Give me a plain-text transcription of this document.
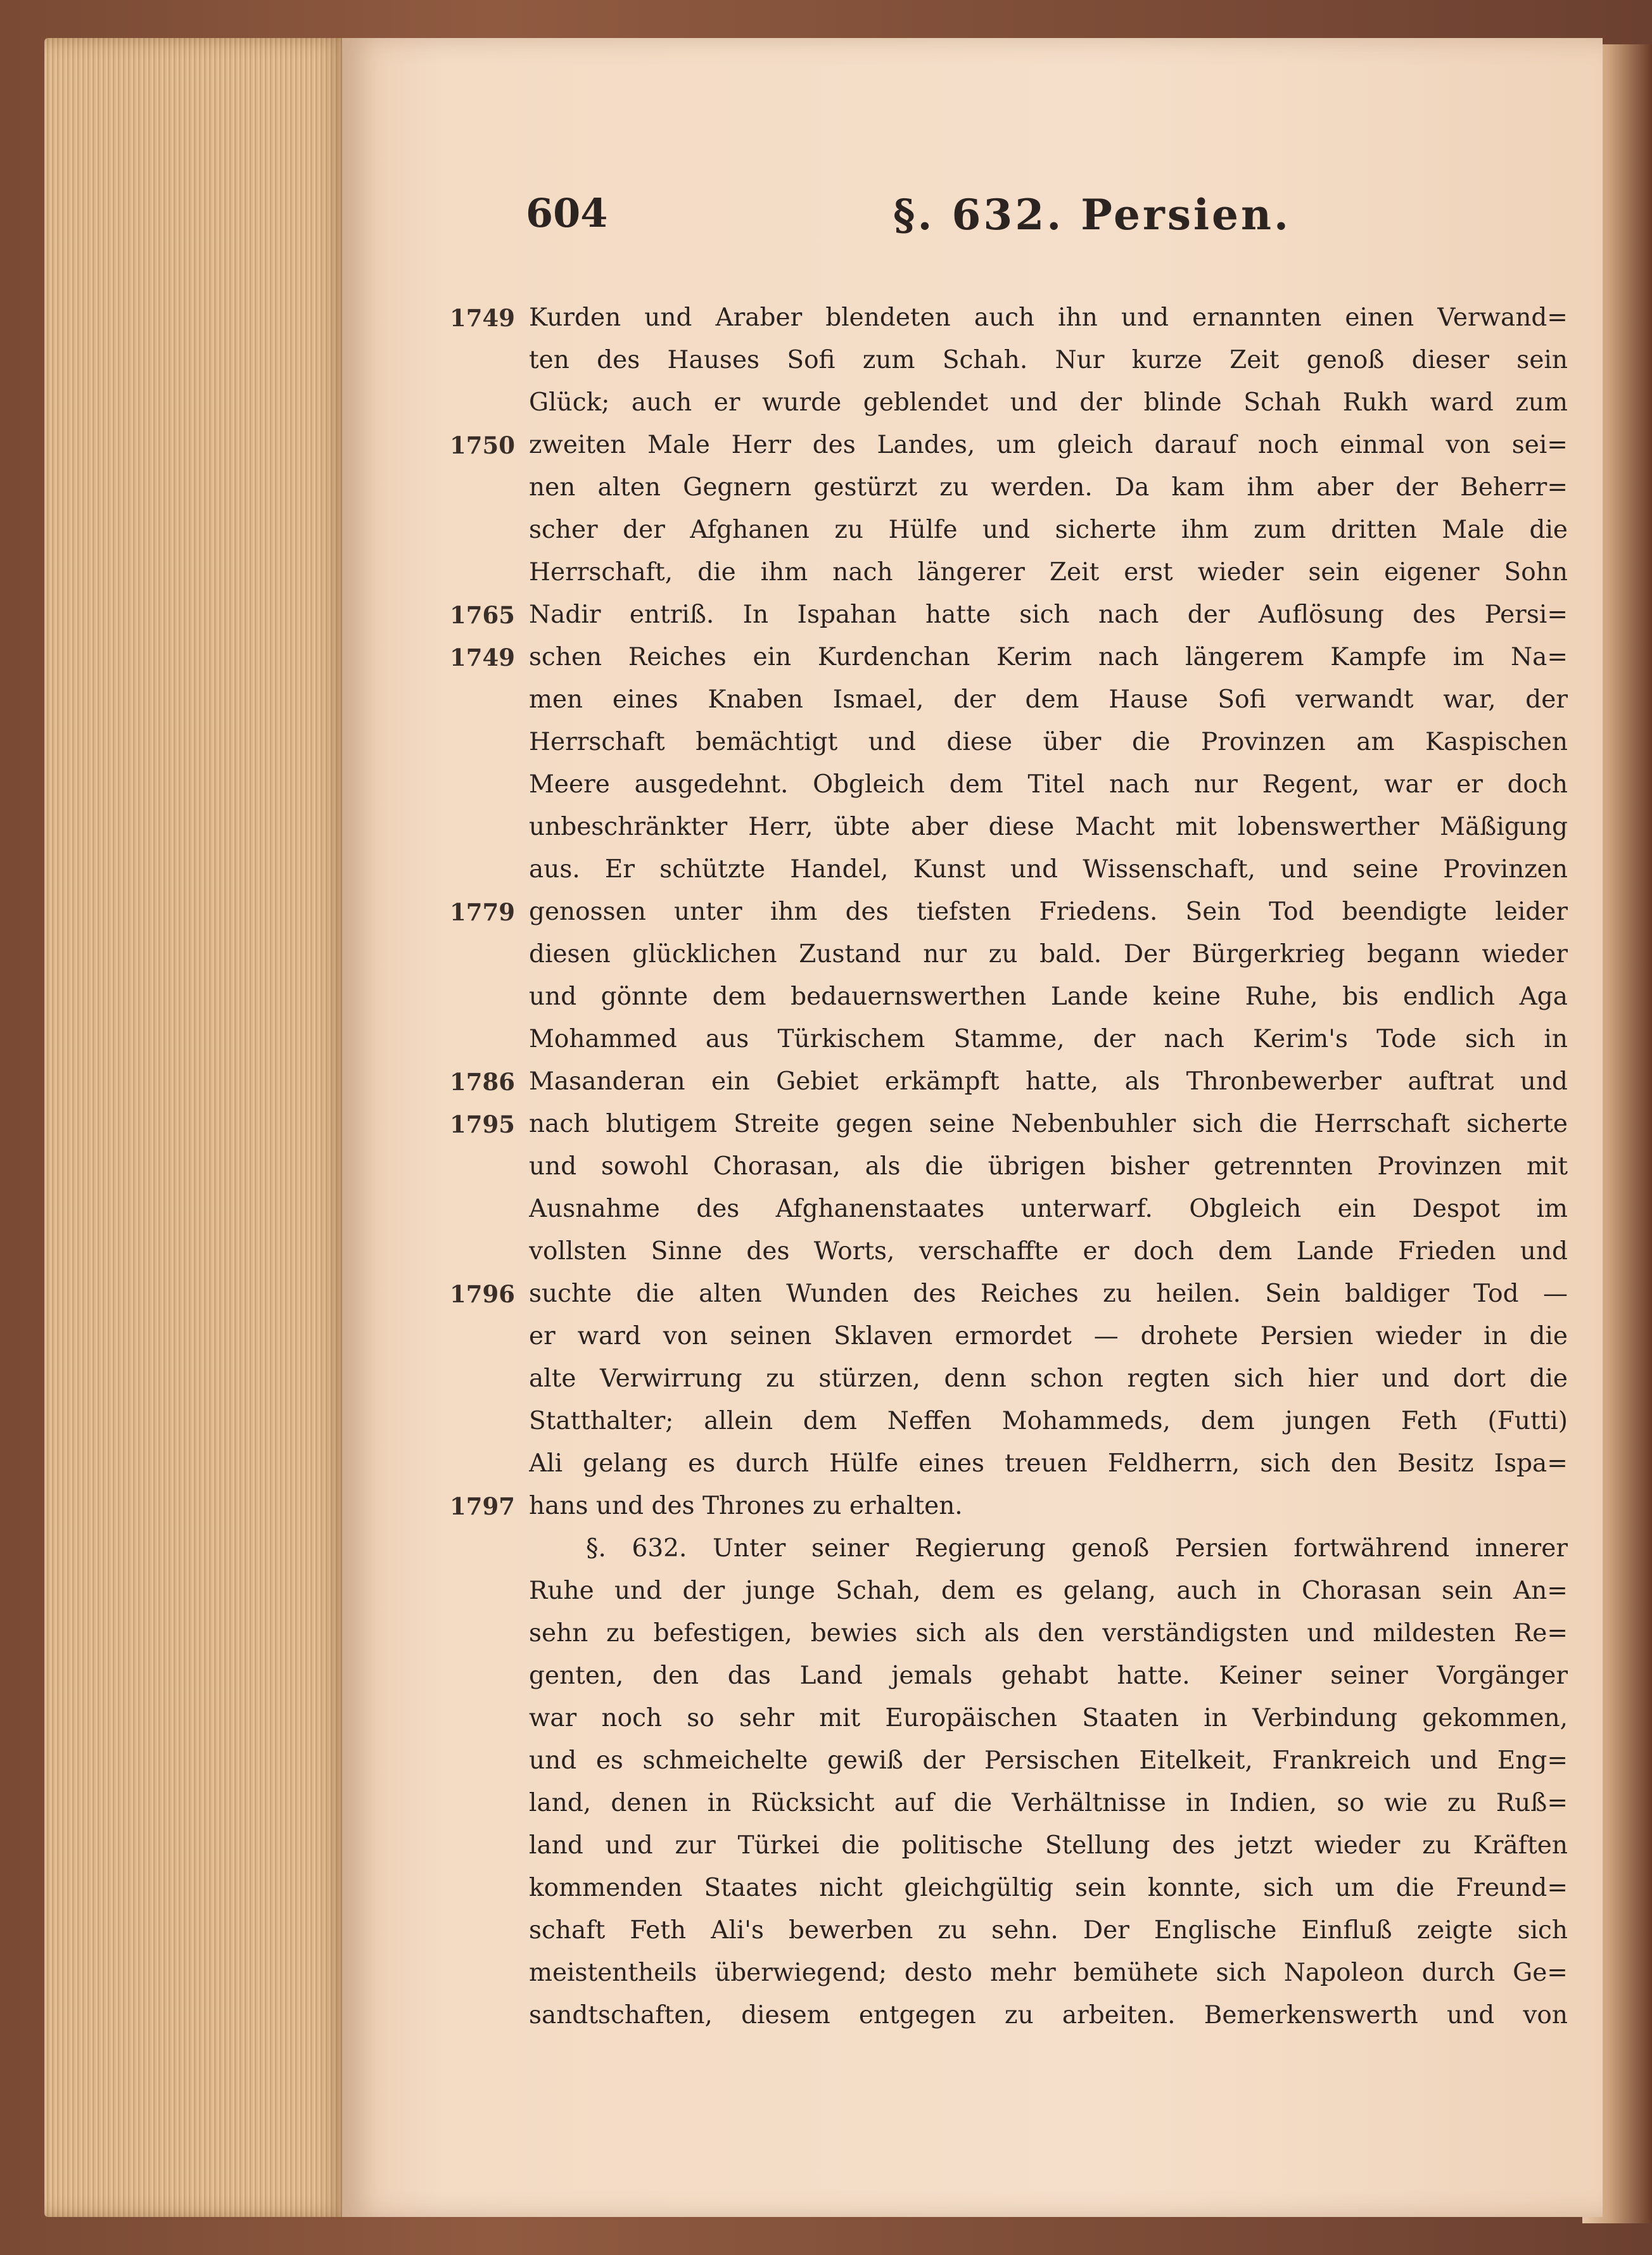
604	§. 632. Persien.
1749 Kurden und Araber blendeten auch ihn und ernannten einen Verwand=
ten des Hauses Sofi zum Schah. Nur kurze Zeit genoß dieser sein
Glück; auch er wurde geblendet und der blinde Schah Rukh ward zum
1750 zweiten Male Herr des Landes, um gleich darauf noch einmal von sei=
nen alten Gegnern gestürzt zu werden. Da kam ihm aber der Beherr=
scher der Afghanen zu Hülfe und sicherte ihm zum dritten Male die
Herrschaft, die ihm nach längerer Zeit erst wieder sein eigener Sohn
1765 Nadir entriß. In Ispahan hatte sich nach der Auflösung des Persi=
1749 schen Reiches ein Kurdenchan Kerim nach längerem Kampfe im Na=
men eines Knaben Ismael, der dem Hause Sofi verwandt war, der
Herrschaft bemächtigt und diese über die Provinzen am Kaspischen
Meere ausgedehnt. Obgleich dem Titel nach nur Regent, war er doch
unbeschränkter Herr, übte aber diese Macht mit lobenswerther Mäßigung
aus. Er schützte Handel, Kunst und Wissenschaft, und seine Provinzen
1779 genossen unter ihm des tiefsten Friedens. Sein Tod beendigte leider
diesen glücklichen Zustand nur zu bald. Der Bürgerkrieg begann wieder
und gönnte dem bedauernswerthen Lande keine Ruhe, bis endlich Aga
Mohammed aus Türkischem Stamme, der nach Kerim's Tode sich in
1786 Masanderan ein Gebiet erkämpft hatte, als Thronbewerber auftrat und
1795 nach blutigem Streite gegen seine Nebenbuhler sich die Herrschaft sicherte
und sowohl Chorasan, als die übrigen bisher getrennten Provinzen mit
Ausnahme des Afghanenstaates unterwarf. Obgleich ein Despot im
vollsten Sinne des Worts, verschaffte er doch dem Lande Frieden und
1796 suchte die alten Wunden des Reiches zu heilen. Sein baldiger Tod —
er ward von seinen Sklaven ermordet — drohete Persien wieder in die
alte Verwirrung zu stürzen, denn schon regten sich hier und dort die
Statthalter; allein dem Neffen Mohammeds, dem jungen Feth (Futti)
Ali gelang es durch Hülfe eines treuen Feldherrn, sich den Besitz Ispa=
1797 hans und des Thrones zu erhalten.
§. 632. Unter seiner Regierung genoß Persien fortwährend innerer
Ruhe und der junge Schah, dem es gelang, auch in Chorasan sein An=
sehn zu befestigen, bewies sich als den verständigsten und mildesten Re=
genten, den das Land jemals gehabt hatte. Keiner seiner Vorgänger
war noch so sehr mit Europäischen Staaten in Verbindung gekommen,
und es schmeichelte gewiß der Persischen Eitelkeit, Frankreich und Eng=
land, denen in Rücksicht auf die Verhältnisse in Indien, so wie zu Ruß=
land und zur Türkei die politische Stellung des jetzt wieder zu Kräften
kommenden Staates nicht gleichgültig sein konnte, sich um die Freund=
schaft Feth Ali's bewerben zu sehn. Der Englische Einfluß zeigte sich
meistentheils überwiegend; desto mehr bemühete sich Napoleon durch Ge=
sandtschaften, diesem entgegen zu arbeiten. Bemerkenswerth und von
